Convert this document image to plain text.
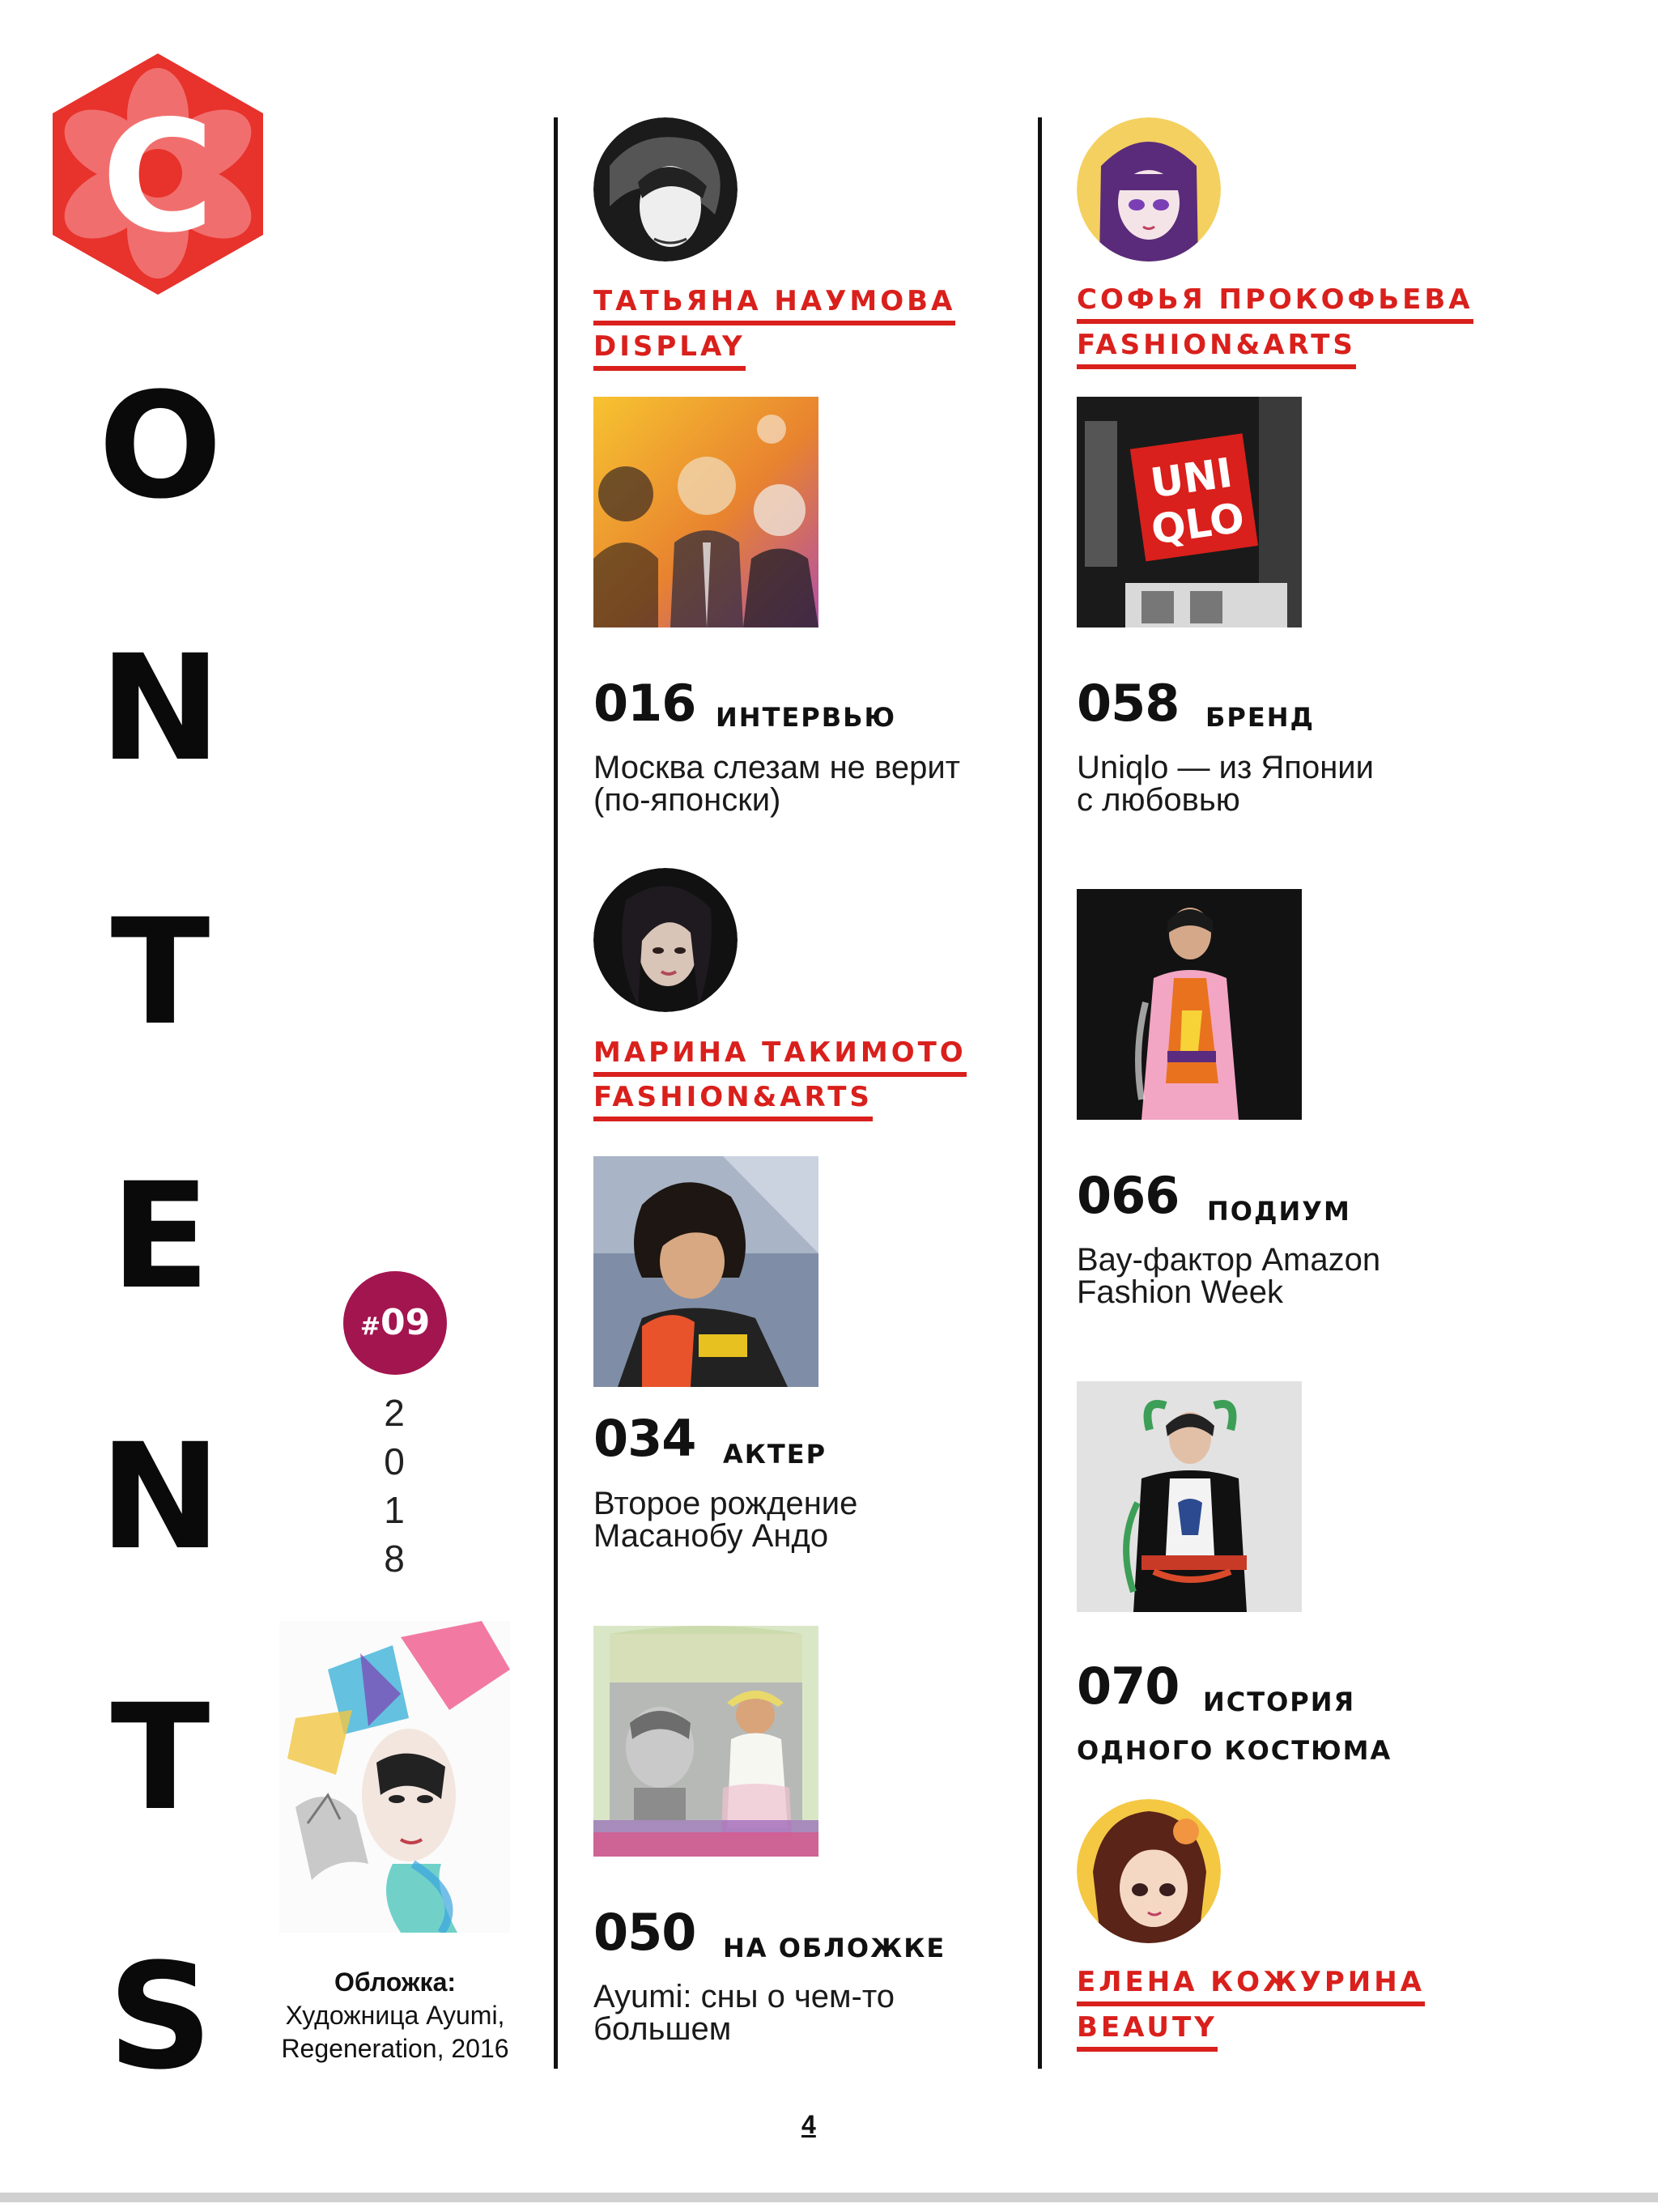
C
O
N
T
E
N
T
S
#09
2
0
1
8
Обложка:
Художница Ayumi,
Regeneration, 2016
ТАТЬЯНА НАУМОВА
DISPLAY
016 ИНТЕРВЬЮ
Москва слезам не верит
(по-японски)
МАРИНА ТАКИМОТО
FASHION&ARTS
034 АКТЕР
Второе рождение
Масанобу Андо
050 НА ОБЛОЖКЕ
Ayumi: сны о чем-то
большем
СОФЬЯ ПРОКОФЬЕВА
FASHION&ARTS
UNI
QLO
058 БРЕНД
Uniqlo — из Японии
с любовью
066 ПОДИУМ
Вау-фактор Amazon
Fashion Week
070 ИСТОРИЯ
ОДНОГО КОСТЮМА
ЕЛЕНА КОЖУРИНА
BEAUTY
4
